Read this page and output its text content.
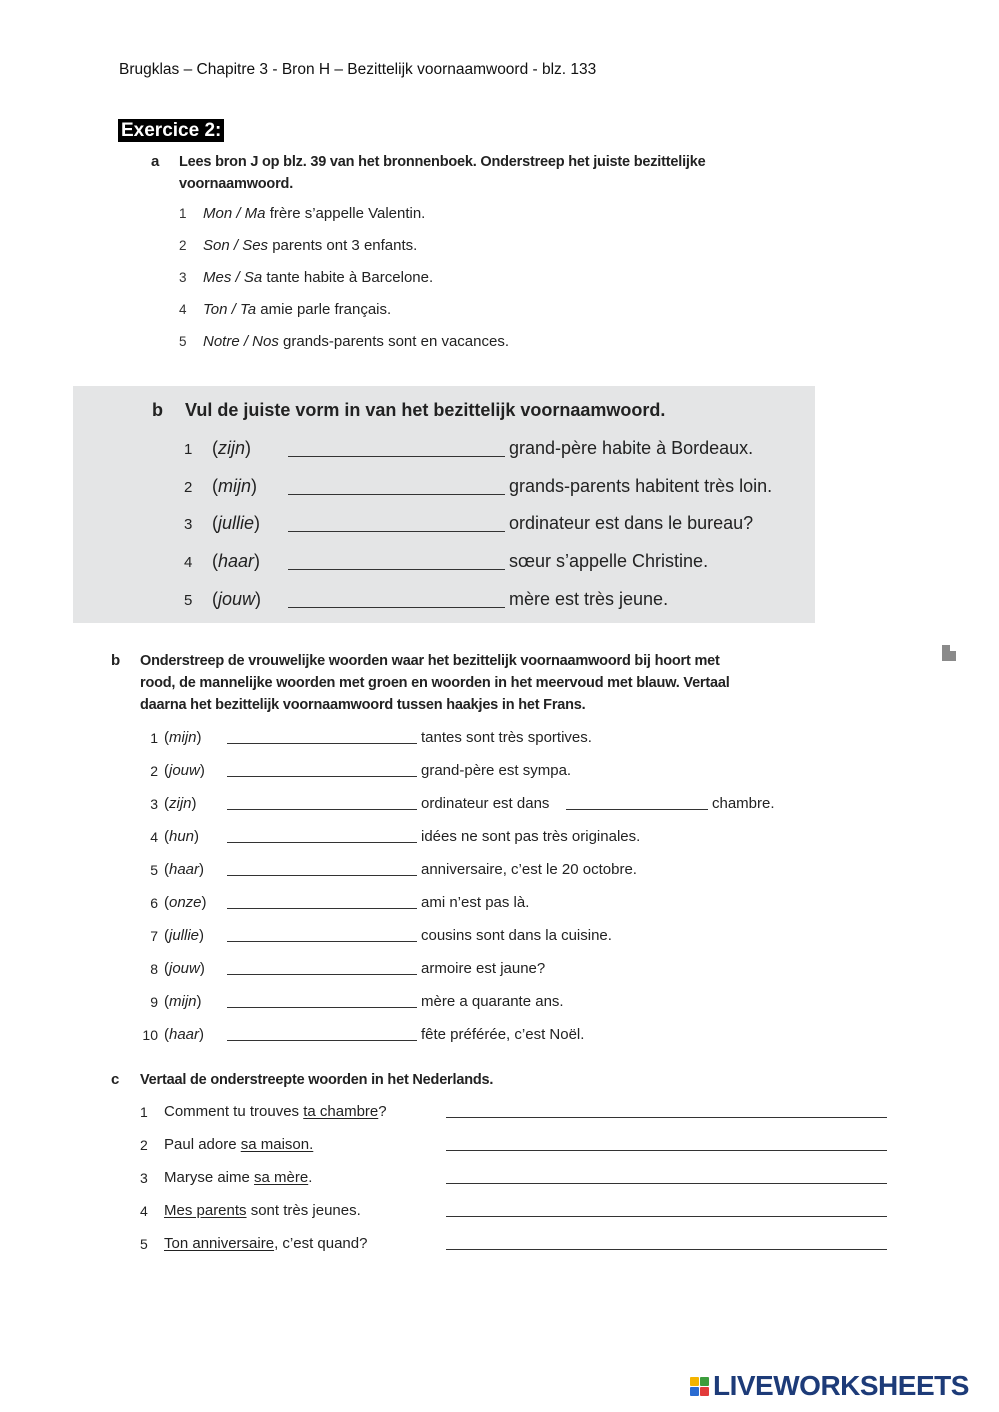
Brugklas – Chapitre 3 - Bron H – Bezittelijk voornaamwoord - blz. 133
Exercice 2:
a Lees bron J op blz. 39 van het bronnenboek. Onderstreep het juiste bezittelijke voornaamwoord.
1	Mon / Ma frère s’appelle Valentin.
2	Son / Ses parents ont 3 enfants.
3	Mes / Sa tante habite à Barcelone.
4	Ton / Ta amie parle français.
5	Notre / Nos grands-parents sont en vacances.
b Vul de juiste vorm in van het bezittelijk voornaamwoord.
1 (zijn)	grand-père habite à Bordeaux.
2 (mijn)	grands-parents habitent très loin.
3 (jullie)	ordinateur est dans le bureau?
4 (haar)	sœur s’appelle Christine.
5 (jouw)	mère est très jeune.
b Onderstreep de vrouwelijke woorden waar het bezittelijk voornaamwoord bij hoort met rood, de mannelijke woorden met groen en woorden in het meervoud met blauw. Vertaal daarna het bezittelijk voornaamwoord tussen haakjes in het Frans.
1 (mijn)	tantes sont très sportives.
2 (jouw)	grand-père est sympa.
3 (zijn)	ordinateur est dans	chambre.
4 (hun)	idées ne sont pas très originales.
5 (haar)	anniversaire, c’est le 20 octobre.
6 (onze)	ami n’est pas là.
7 (jullie)	cousins sont dans la cuisine.
8 (jouw)	armoire est jaune?
9 (mijn)	mère a quarante ans.
10 (haar)	fête préférée, c’est Noël.
c Vertaal de onderstreepte woorden in het Nederlands.
1 Comment tu trouves ta chambre?
2 Paul adore sa maison.
3 Maryse aime sa mère.
4 Mes parents sont très jeunes.
5 Ton anniversaire, c’est quand?
LIVEWORKSHEETS
